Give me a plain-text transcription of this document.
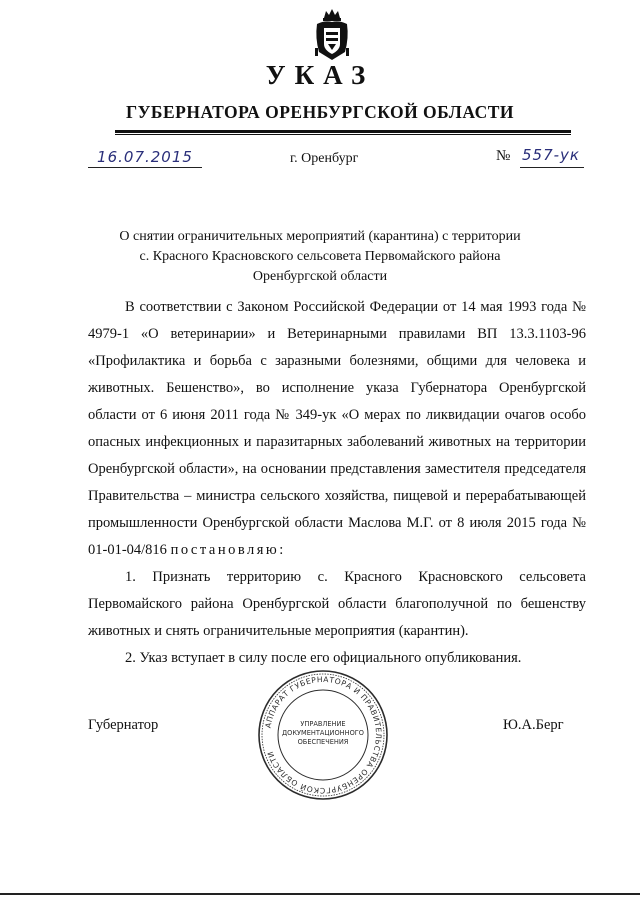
УКАЗ
ГУБЕРНАТОРА ОРЕНБУРГСКОЙ ОБЛАСТИ
16.07.2015	г. Оренбург	№ 557-ук
О снятии ограничительных мероприятий (карантина) с территории
с. Красного Красновского сельсовета Первомайского района
Оренбургской области

В соответствии с Законом Российской Федерации от 14 мая 1993 года № 4979-1 «О ветеринарии» и Ветеринарными правилами ВП 13.3.1103-96 «Профилактика и борьба с заразными болезнями, общими для человека и животных. Бешенство», во исполнение указа Губернатора Оренбургской области от 6 июня 2011 года № 349-ук «О мерах по ликвидации очагов особо опасных инфекционных и паразитарных заболеваний животных на территории Оренбургской области», на основании представления заместителя председателя Правительства – министра сельского хозяйства, пищевой и перерабатывающей промышленности Оренбургской области Маслова М.Г. от 8 июля 2015 года № 01-01-04/816 постановляю:

1. Признать территорию с. Красного Красновского сельсовета Первомайского района Оренбургской области благополучной по бешенству животных и снять ограничительные мероприятия (карантин).

2. Указ вступает в силу после его официального опубликования.

Губернатор	Ю.А.Берг
АППАРАТ ГУБЕРНАТОРА И ПРАВИТЕЛЬСТВА ОРЕНБУРГСКОЙ ОБЛАСТИ
УПРАВЛЕНИЕ
ДОКУМЕНТАЦИОННОГО
ОБЕСПЕЧЕНИЯ
